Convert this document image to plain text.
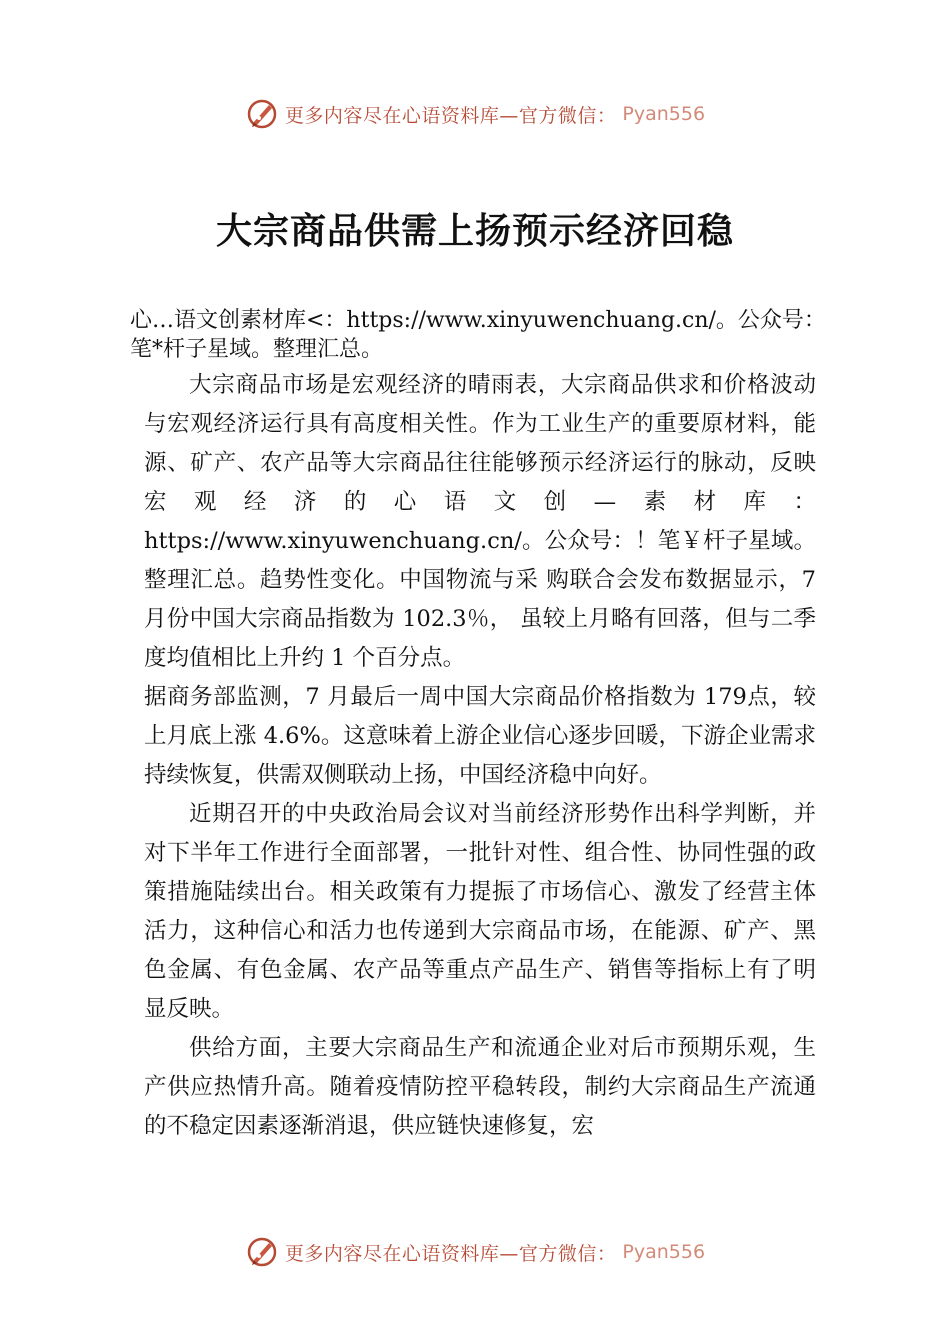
更多内容尽在心语资料库—官方微信： Pyan556
大宗商品供需上扬预示经济回稳
心…语文创素材库<：https://www.xinyuwenchuang.cn/。公众号：笔*杆子星域。整理汇总。

大宗商品市场是宏观经济的晴雨表，大宗商品供求和价格波动与宏观经济运行具有高度相关性。作为工业生产的重要原材料，能源、矿产、农产品等大宗商品往往能够预示经济运行的脉动，反映宏观经济的心语文创—素材库：https://www.xinyuwenchuang.cn/。公众号：！笔￥杆子星域。整理汇总。趋势性变化。中国物流与采 购联合会发布数据显示，7 月份中国大宗商品指数为 102.3％， 虽较上月略有回落，但与二季度均值相比上升约 1 个百分点。

据商务部监测，7 月最后一周中国大宗商品价格指数为 179点，较上月底上涨 4.6%。这意味着上游企业信心逐步回暖，下游企业需求持续恢复，供需双侧联动上扬，中国经济稳中向好。

近期召开的中央政治局会议对当前经济形势作出科学判断，并对下半年工作进行全面部署，一批针对性、组合性、协同性强的政策措施陆续出台。相关政策有力提振了市场信心、激发了经营主体活力，这种信心和活力也传递到大宗商品市场，在能源、矿产、黑色金属、有色金属、农产品等重点产品生产、销售等指标上有了明显反映。

供给方面，主要大宗商品生产和流通企业对后市预期乐观，生产供应热情升高。随着疫情防控平稳转段，制约大宗商品生产流通的不稳定因素逐渐消退，供应链快速修复，宏

更多内容尽在心语资料库—官方微信： Pyan556
